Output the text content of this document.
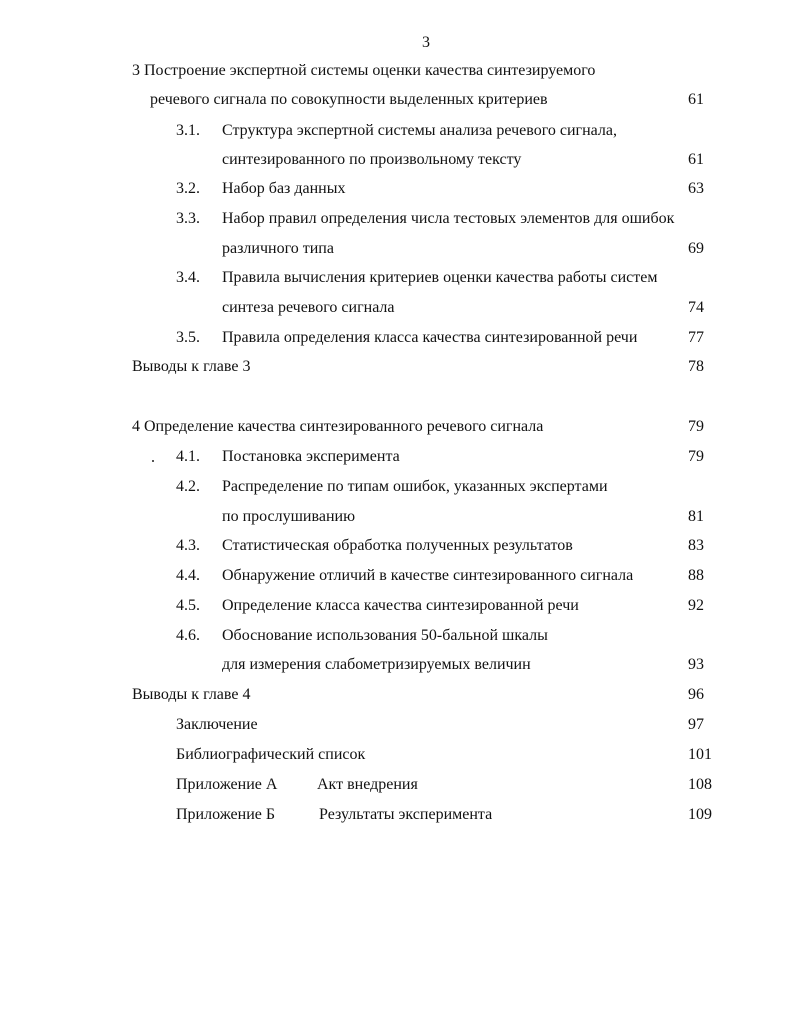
3
3 Построение экспертной системы оценки качества синтезируемого
речевого сигнала по совокупности выделенных критериев	61
3.1. Структура экспертной системы анализа речевого сигнала,
синтезированного по произвольному тексту	61
3.2. Набор баз данных	63
3.3. Набор правил определения числа тестовых элементов для ошибок
различного типа	69
3.4. Правила вычисления критериев оценки качества работы систем
синтеза речевого сигнала	74
3.5. Правила определения класса качества синтезированной речи	77
Выводы к главе 3	78
4 Определение качества синтезированного речевого сигнала	79
4.1. Постановка эксперимента	79
4.2. Распределение по типам ошибок, указанных экспертами
по прослушиванию	81
4.3. Статистическая обработка полученных результатов	83
4.4. Обнаружение отличий в качестве синтезированного сигнала	88
4.5. Определение класса качества синтезированной речи	92
4.6. Обоснование использования 50-бальной шкалы
для измерения слабометризируемых величин	93
Выводы к главе 4	96
Заключение	97
Библиографический список	101
Приложение А Акт внедрения	108
Приложение Б	Результаты эксперимента	109
